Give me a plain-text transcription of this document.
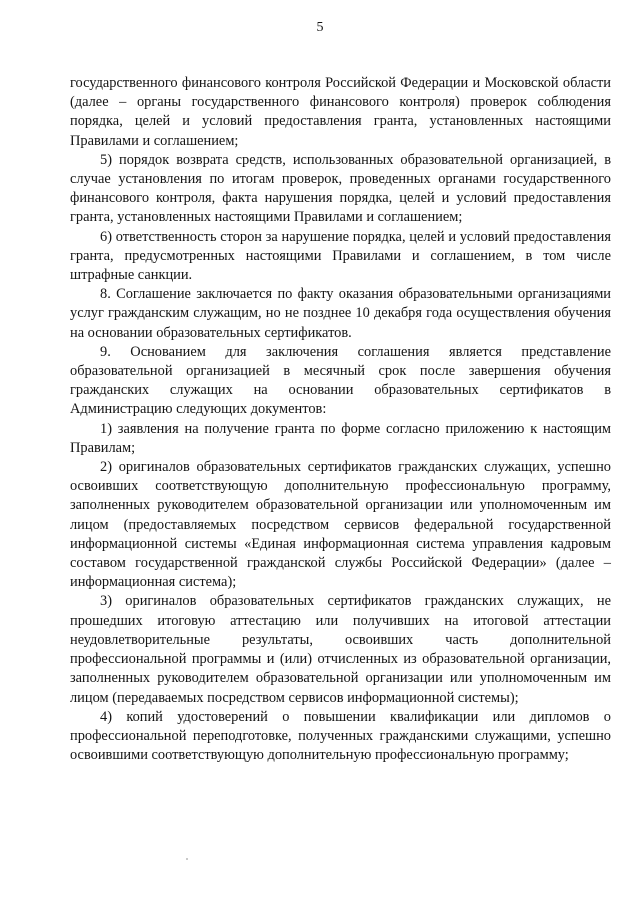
5

государственного финансового контроля Российской Федерации и Московской области (далее – органы государственного финансового контроля) проверок соблюдения порядка, целей и условий предоставления гранта, установленных настоящими Правилами и соглашением;

5) порядок возврата средств, использованных образовательной организацией, в случае установления по итогам проверок, проведенных органами государственного финансового контроля, факта нарушения порядка, целей и условий предоставления гранта, установленных настоящими Правилами и соглашением;

6) ответственность сторон за нарушение порядка, целей и условий предоставления гранта, предусмотренных настоящими Правилами и соглашением, в том числе штрафные санкции.

8. Соглашение заключается по факту оказания образовательными организациями услуг гражданским служащим, но не позднее 10 декабря года осуществления обучения на основании образовательных сертификатов.

9. Основанием для заключения соглашения является представление образовательной организацией в месячный срок после завершения обучения гражданских служащих на основании образовательных сертификатов в Администрацию следующих документов:

1) заявления на получение гранта по форме согласно приложению к настоящим Правилам;

2) оригиналов образовательных сертификатов гражданских служащих, успешно освоивших соответствующую дополнительную профессиональную программу, заполненных руководителем образовательной организации или уполномоченным им лицом (предоставляемых посредством сервисов федеральной государственной информационной системы «Единая информационная система управления кадровым составом государственной гражданской службы Российской Федерации» (далее – информационная система);

3) оригиналов образовательных сертификатов гражданских служащих, не прошедших итоговую аттестацию или получивших на итоговой аттестации неудовлетворительные результаты, освоивших часть дополнительной профессиональной программы и (или) отчисленных из образовательной организации, заполненных руководителем образовательной организации или уполномоченным им лицом (передаваемых посредством сервисов информационной системы);

4) копий удостоверений о повышении квалификации или дипломов о профессиональной переподготовке, полученных гражданскими служащими, успешно освоившими соответствующую дополнительную профессиональную программу;
